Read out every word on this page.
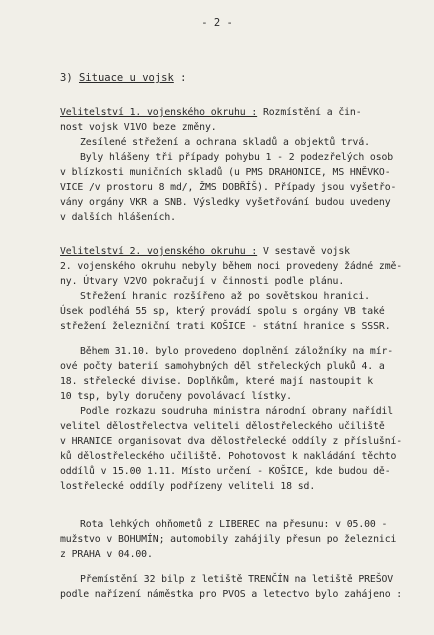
- 2 -
3) Situace u vojsk :
Velitelství 1. vojenského okruhu : Rozmístění a čin-
nost vojsk V1VO beze změny.
Zesílené střežení a ochrana skladů a objektů trvá.
Byly hlášeny tři případy pohybu 1 - 2 podezřelých osob
v blízkosti muničních skladů (u PMS DRAHONICE, MS HNĚVKO-
VICE /v prostoru 8 md/, ŽMS DOBŘÍŠ). Případy jsou vyšetřo-
vány orgány VKR a SNB. Výsledky vyšetřování budou uvedeny
v dalších hlášeních.
Velitelství 2. vojenského okruhu : V sestavě vojsk
2. vojenského okruhu nebyly během noci provedeny žádné změ-
ny. Útvary V2VO pokračují v činnosti podle plánu.
Střežení hranic rozšířeno až po sovětskou hranici.
Úsek podléhá 55 sp, který provádí spolu s orgány VB také
střežení železniční trati KOŠICE - státní hranice s SSSR.
Během 31.10. bylo provedeno doplnění záložníky na mír-
ové počty baterií samohybných děl střeleckých pluků 4. a
18. střelecké divise. Doplňkům, které mají nastoupit k
10 tsp, byly doručeny povolávací lístky.
Podle rozkazu soudruha ministra národní obrany nařídil
velitel dělostřelectva veliteli dělostřeleckého učiliště
v HRANICE organisovat dva dělostřelecké oddíly z příslušní-
ků dělostřeleckého učiliště. Pohotovost k nakládání těchto
oddílů v 15.00 1.11. Místo určení - KOŠICE, kde budou dě-
lostřelecké oddíly podřízeny veliteli 18 sd.
Rota lehkých ohňometů z LIBEREC na přesunu: v 05.00 -
mužstvo v BOHUMÍN; automobily zahájily přesun po železnici
z PRAHA v 04.00.
Přemístění 32 bilp z letiště TRENČÍN na letiště PREŠOV
podle nařízení náměstka pro PVOS a letectvo bylo zahájeno :
